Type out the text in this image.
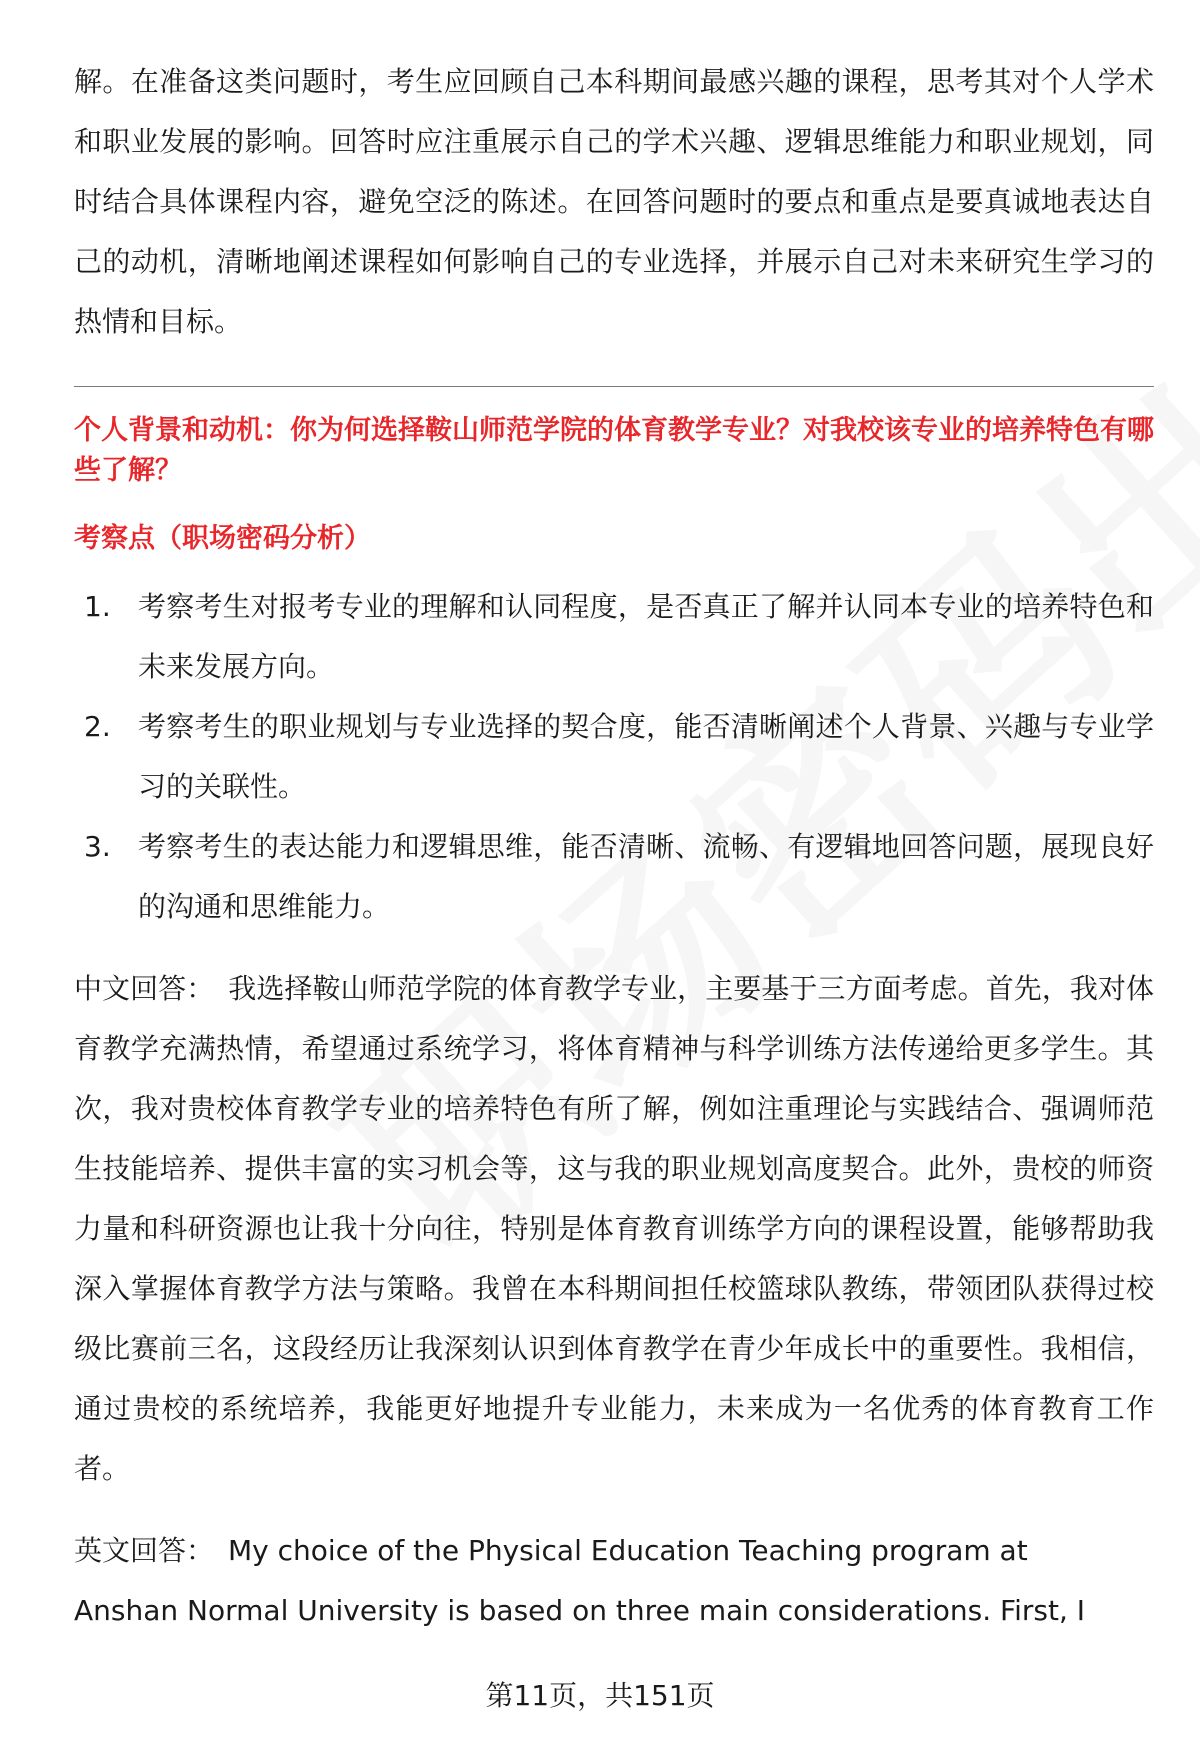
解。在准备这类问题时，考生应回顾自己本科期间最感兴趣的课程，思考其对个人学术和职业发展的影响。回答时应注重展示自己的学术兴趣、逻辑思维能力和职业规划，同时结合具体课程内容，避免空泛的陈述。在回答问题时的要点和重点是要真诚地表达自己的动机，清晰地阐述课程如何影响自己的专业选择，并展示自己对未来研究生学习的热情和目标。

个人背景和动机：你为何选择鞍山师范学院的体育教学专业？对我校该专业的培养特色有哪些了解？

考察点（职场密码分析）

1. 考察考生对报考专业的理解和认同程度，是否真正了解并认同本专业的培养特色和未来发展方向。
2. 考察考生的职业规划与专业选择的契合度，能否清晰阐述个人背景、兴趣与专业学习的关联性。
3. 考察考生的表达能力和逻辑思维，能否清晰、流畅、有逻辑地回答问题，展现良好的沟通和思维能力。

中文回答： 我选择鞍山师范学院的体育教学专业，主要基于三方面考虑。首先，我对体育教学充满热情，希望通过系统学习，将体育精神与科学训练方法传递给更多学生。其次，我对贵校体育教学专业的培养特色有所了解，例如注重理论与实践结合、强调师范生技能培养、提供丰富的实习机会等，这与我的职业规划高度契合。此外，贵校的师资力量和科研资源也让我十分向往，特别是体育教育训练学方向的课程设置，能够帮助我深入掌握体育教学方法与策略。我曾在本科期间担任校篮球队教练，带领团队获得过校级比赛前三名，这段经历让我深刻认识到体育教学在青少年成长中的重要性。我相信，通过贵校的系统培养，我能更好地提升专业能力，未来成为一名优秀的体育教育工作者。

英文回答： My choice of the Physical Education Teaching program at
Anshan Normal University is based on three main considerations. First, I

第11页，共151页
